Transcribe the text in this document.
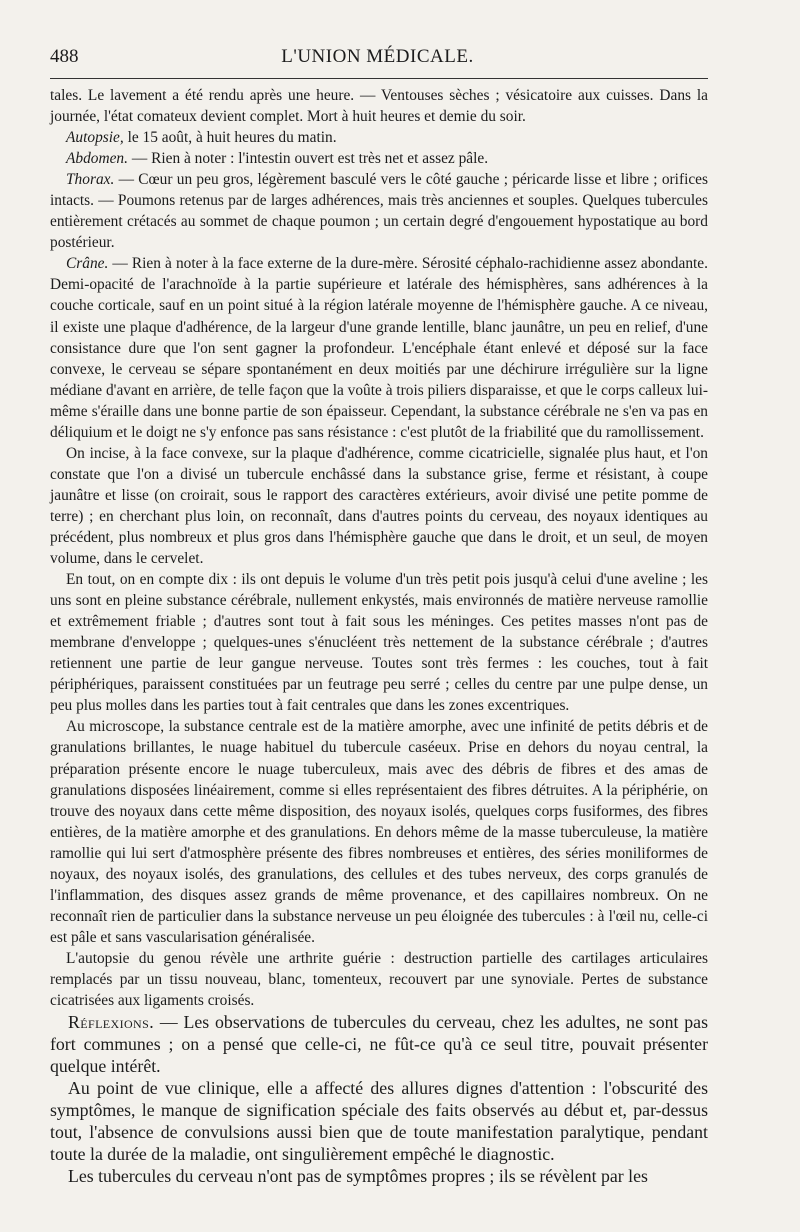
488	L'UNION MÉDICALE.

tales. Le lavement a été rendu après une heure. — Ventouses sèches ; vésicatoire aux cuisses. Dans la journée, l'état comateux devient complet. Mort à huit heures et demie du soir.

Autopsie, le 15 août, à huit heures du matin.

Abdomen. — Rien à noter : l'intestin ouvert est très net et assez pâle.

Thorax. — Cœur un peu gros, légèrement basculé vers le côté gauche ; péricarde lisse et libre ; orifices intacts. — Poumons retenus par de larges adhérences, mais très anciennes et souples. Quelques tubercules entièrement crétacés au sommet de chaque poumon ; un certain degré d'engouement hypostatique au bord postérieur.

Crâne. — Rien à noter à la face externe de la dure-mère. Sérosité céphalo-rachidienne assez abondante. Demi-opacité de l'arachnoïde à la partie supérieure et latérale des hémisphères, sans adhérences à la couche corticale, sauf en un point situé à la région latérale moyenne de l'hémisphère gauche. A ce niveau, il existe une plaque d'adhérence, de la largeur d'une grande lentille, blanc jaunâtre, un peu en relief, d'une consistance dure que l'on sent gagner la profondeur. L'encéphale étant enlevé et déposé sur la face convexe, le cerveau se sépare spontanément en deux moitiés par une déchirure irrégulière sur la ligne médiane d'avant en arrière, de telle façon que la voûte à trois piliers disparaisse, et que le corps calleux lui-même s'éraille dans une bonne partie de son épaisseur. Cependant, la substance cérébrale ne s'en va pas en déliquium et le doigt ne s'y enfonce pas sans résistance : c'est plutôt de la friabilité que du ramollissement.

On incise, à la face convexe, sur la plaque d'adhérence, comme cicatricielle, signalée plus haut, et l'on constate que l'on a divisé un tubercule enchâssé dans la substance grise, ferme et résistant, à coupe jaunâtre et lisse (on croirait, sous le rapport des caractères extérieurs, avoir divisé une petite pomme de terre) ; en cherchant plus loin, on reconnaît, dans d'autres points du cerveau, des noyaux identiques au précédent, plus nombreux et plus gros dans l'hémisphère gauche que dans le droit, et un seul, de moyen volume, dans le cervelet.

En tout, on en compte dix : ils ont depuis le volume d'un très petit pois jusqu'à celui d'une aveline ; les uns sont en pleine substance cérébrale, nullement enkystés, mais environnés de matière nerveuse ramollie et extrêmement friable ; d'autres sont tout à fait sous les méninges. Ces petites masses n'ont pas de membrane d'enveloppe ; quelques-unes s'énucléent très nettement de la substance cérébrale ; d'autres retiennent une partie de leur gangue nerveuse. Toutes sont très fermes : les couches, tout à fait périphériques, paraissent constituées par un feutrage peu serré ; celles du centre par une pulpe dense, un peu plus molles dans les parties tout à fait centrales que dans les zones excentriques.

Au microscope, la substance centrale est de la matière amorphe, avec une infinité de petits débris et de granulations brillantes, le nuage habituel du tubercule caséeux. Prise en dehors du noyau central, la préparation présente encore le nuage tuberculeux, mais avec des débris de fibres et des amas de granulations disposées linéairement, comme si elles représentaient des fibres détruites. A la périphérie, on trouve des noyaux dans cette même disposition, des noyaux isolés, quelques corps fusiformes, des fibres entières, de la matière amorphe et des granulations. En dehors même de la masse tuberculeuse, la matière ramollie qui lui sert d'atmosphère présente des fibres nombreuses et entières, des séries moniliformes de noyaux, des noyaux isolés, des granulations, des cellules et des tubes nerveux, des corps granulés de l'inflammation, des disques assez grands de même provenance, et des capillaires nombreux. On ne reconnaît rien de particulier dans la substance nerveuse un peu éloignée des tubercules : à l'œil nu, celle-ci est pâle et sans vascularisation généralisée.

L'autopsie du genou révèle une arthrite guérie : destruction partielle des cartilages articulaires remplacés par un tissu nouveau, blanc, tomenteux, recouvert par une synoviale. Pertes de substance cicatrisées aux ligaments croisés.

Réflexions. — Les observations de tubercules du cerveau, chez les adultes, ne sont pas fort communes ; on a pensé que celle-ci, ne fût-ce qu'à ce seul titre, pouvait présenter quelque intérêt.

Au point de vue clinique, elle a affecté des allures dignes d'attention : l'obscurité des symptômes, le manque de signification spéciale des faits observés au début et, par-dessus tout, l'absence de convulsions aussi bien que de toute manifestation paralytique, pendant toute la durée de la maladie, ont singulièrement empêché le diagnostic.

Les tubercules du cerveau n'ont pas de symptômes propres ; ils se révèlent par les
